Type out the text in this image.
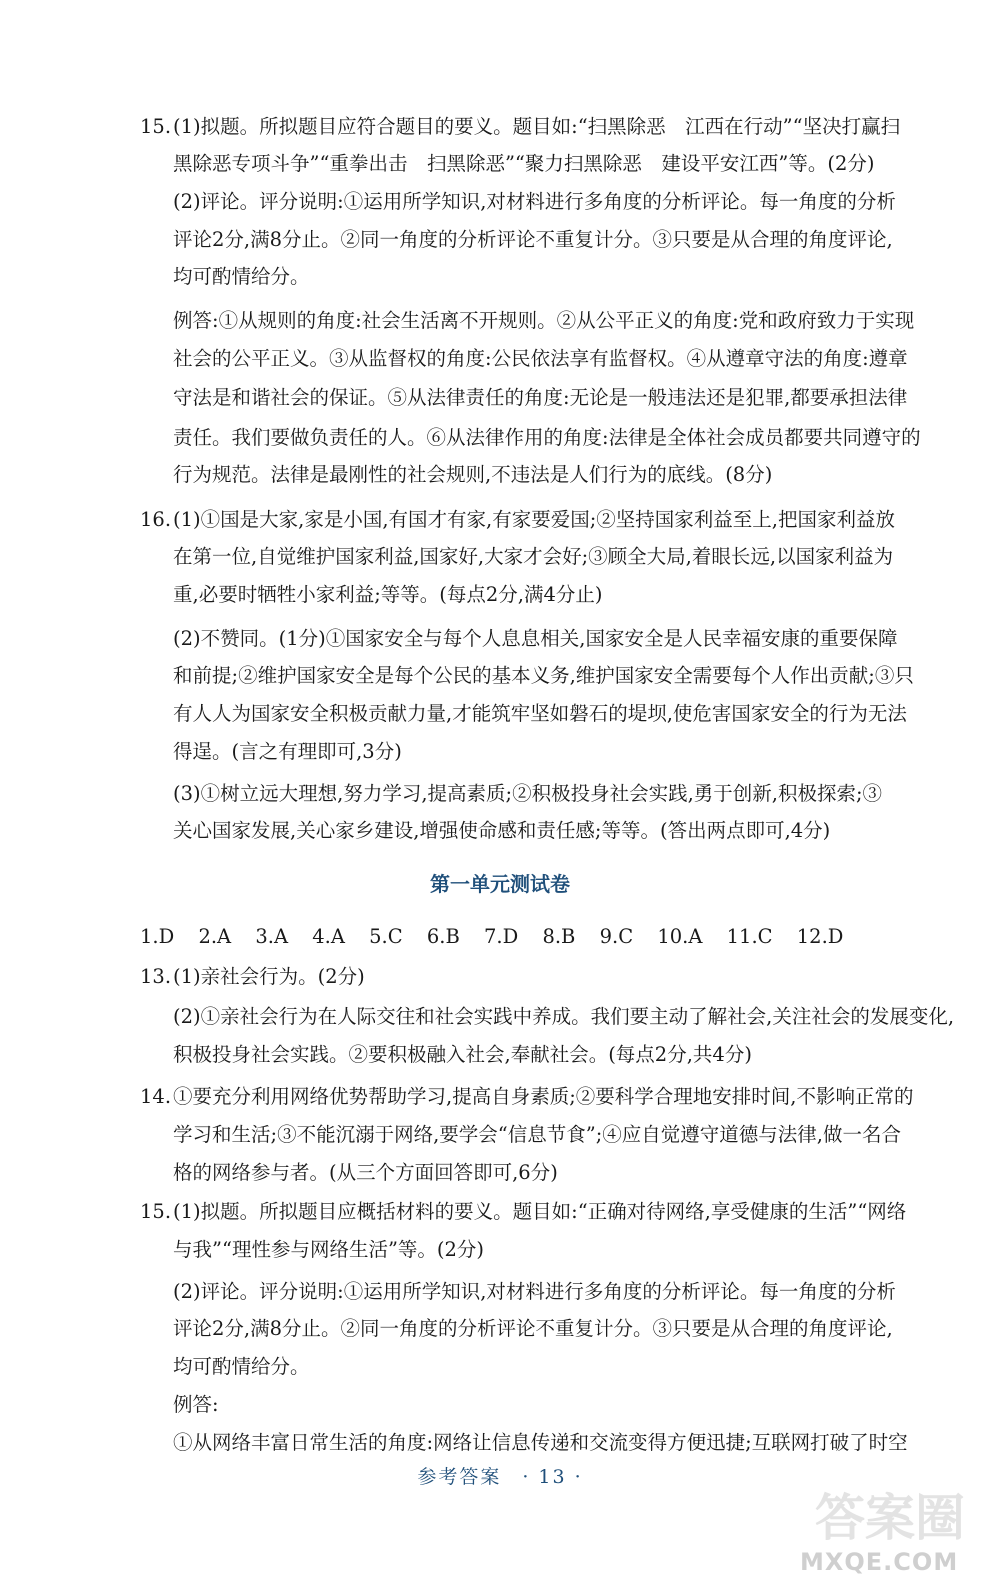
15. (1)拟题。所拟题目应符合题目的要义。题目如:“扫黑除恶　江西在行动”“坚决打赢扫
黑除恶专项斗争”“重拳出击　扫黑除恶”“聚力扫黑除恶　建设平安江西”等。(2分)
(2)评论。评分说明:①运用所学知识,对材料进行多角度的分析评论。每一角度的分析
评论2分,满8分止。②同一角度的分析评论不重复计分。③只要是从合理的角度评论,
均可酌情给分。
例答:①从规则的角度:社会生活离不开规则。②从公平正义的角度:党和政府致力于实现
社会的公平正义。③从监督权的角度:公民依法享有监督权。④从遵章守法的角度:遵章
守法是和谐社会的保证。⑤从法律责任的角度:无论是一般违法还是犯罪,都要承担法律
责任。我们要做负责任的人。⑥从法律作用的角度:法律是全体社会成员都要共同遵守的
行为规范。法律是最刚性的社会规则,不违法是人们行为的底线。(8分)
16. (1)①国是大家,家是小国,有国才有家,有家要爱国;②坚持国家利益至上,把国家利益放
在第一位,自觉维护国家利益,国家好,大家才会好;③顾全大局,着眼长远,以国家利益为
重,必要时牺牲小家利益;等等。(每点2分,满4分止)
(2)不赞同。(1分)①国家安全与每个人息息相关,国家安全是人民幸福安康的重要保障
和前提;②维护国家安全是每个公民的基本义务,维护国家安全需要每个人作出贡献;③只
有人人为国家安全积极贡献力量,才能筑牢坚如磐石的堤坝,使危害国家安全的行为无法
得逞。(言之有理即可,3分)
(3)①树立远大理想,努力学习,提高素质;②积极投身社会实践,勇于创新,积极探索;③
关心国家发展,关心家乡建设,增强使命感和责任感;等等。(答出两点即可,4分)
第一单元测试卷
1.D 2.A 3.A 4.A 5.C 6.B 7.D 8.B 9.C 10.A 11.C 12.D
13. (1)亲社会行为。(2分)
(2)①亲社会行为在人际交往和社会实践中养成。我们要主动了解社会,关注社会的发展变化,
积极投身社会实践。②要积极融入社会,奉献社会。(每点2分,共4分)
14. ①要充分利用网络优势帮助学习,提高自身素质;②要科学合理地安排时间,不影响正常的
学习和生活;③不能沉溺于网络,要学会“信息节食”;④应自觉遵守道德与法律,做一名合
格的网络参与者。(从三个方面回答即可,6分)
15. (1)拟题。所拟题目应概括材料的要义。题目如:“正确对待网络,享受健康的生活”“网络
与我”“理性参与网络生活”等。(2分)
(2)评论。评分说明:①运用所学知识,对材料进行多角度的分析评论。每一角度的分析
评论2分,满8分止。②同一角度的分析评论不重复计分。③只要是从合理的角度评论,
均可酌情给分。
例答:
①从网络丰富日常生活的角度:网络让信息传递和交流变得方便迅捷;互联网打破了时空
参考答案　· 13 ·
答案圈
MXQE.COM
